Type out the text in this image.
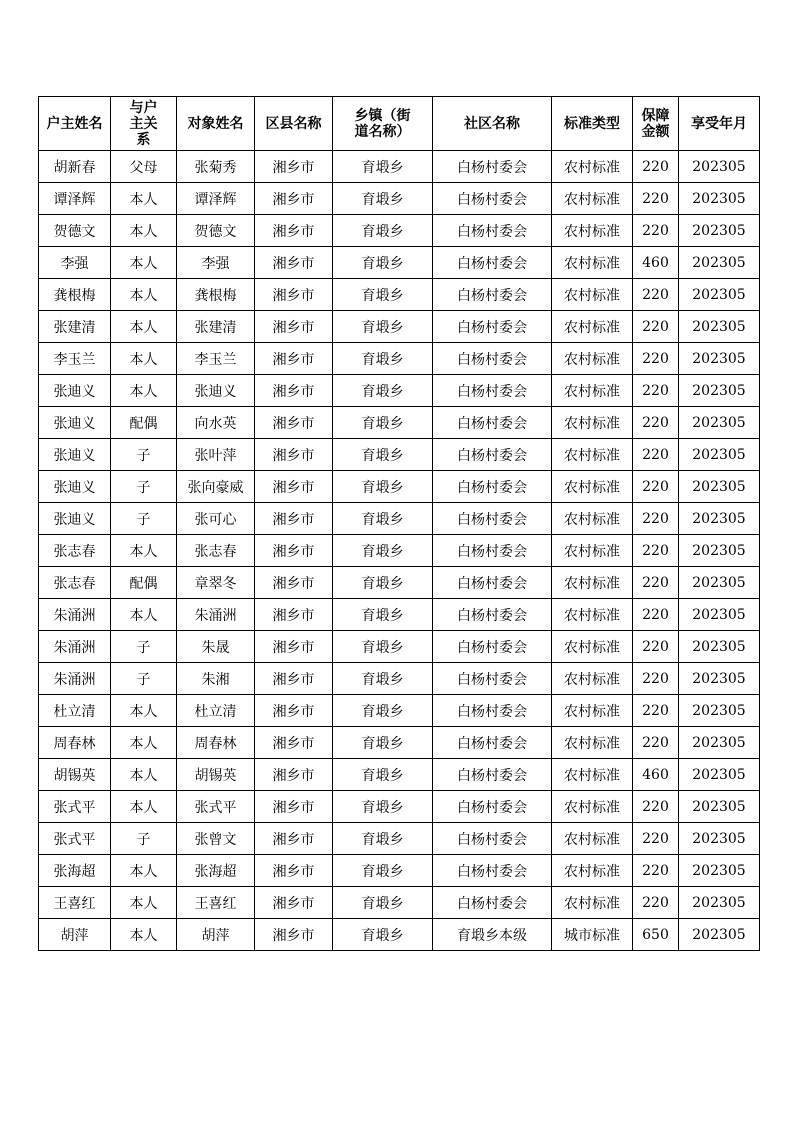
户主姓名	与户主关系	对象姓名	区县名称	乡镇（街道名称）	社区名称	标准类型	保障金额	享受年月
胡新春	父母	张菊秀	湘乡市	育塅乡	白杨村委会	农村标准	220	202305
谭泽辉	本人	谭泽辉	湘乡市	育塅乡	白杨村委会	农村标准	220	202305
贺德文	本人	贺德文	湘乡市	育塅乡	白杨村委会	农村标准	220	202305
李强	本人	李强	湘乡市	育塅乡	白杨村委会	农村标准	460	202305
龚根梅	本人	龚根梅	湘乡市	育塅乡	白杨村委会	农村标准	220	202305
张建清	本人	张建清	湘乡市	育塅乡	白杨村委会	农村标准	220	202305
李玉兰	本人	李玉兰	湘乡市	育塅乡	白杨村委会	农村标准	220	202305
张迪义	本人	张迪义	湘乡市	育塅乡	白杨村委会	农村标准	220	202305
张迪义	配偶	向水英	湘乡市	育塅乡	白杨村委会	农村标准	220	202305
张迪义	子	张叶萍	湘乡市	育塅乡	白杨村委会	农村标准	220	202305
张迪义	子	张向豪威	湘乡市	育塅乡	白杨村委会	农村标准	220	202305
张迪义	子	张可心	湘乡市	育塅乡	白杨村委会	农村标准	220	202305
张志春	本人	张志春	湘乡市	育塅乡	白杨村委会	农村标准	220	202305
张志春	配偶	章翠冬	湘乡市	育塅乡	白杨村委会	农村标准	220	202305
朱涌洲	本人	朱涌洲	湘乡市	育塅乡	白杨村委会	农村标准	220	202305
朱涌洲	子	朱晟	湘乡市	育塅乡	白杨村委会	农村标准	220	202305
朱涌洲	子	朱湘	湘乡市	育塅乡	白杨村委会	农村标准	220	202305
杜立清	本人	杜立清	湘乡市	育塅乡	白杨村委会	农村标准	220	202305
周春林	本人	周春林	湘乡市	育塅乡	白杨村委会	农村标准	220	202305
胡锡英	本人	胡锡英	湘乡市	育塅乡	白杨村委会	农村标准	460	202305
张式平	本人	张式平	湘乡市	育塅乡	白杨村委会	农村标准	220	202305
张式平	子	张曾文	湘乡市	育塅乡	白杨村委会	农村标准	220	202305
张海超	本人	张海超	湘乡市	育塅乡	白杨村委会	农村标准	220	202305
王喜红	本人	王喜红	湘乡市	育塅乡	白杨村委会	农村标准	220	202305
胡萍	本人	胡萍	湘乡市	育塅乡	育塅乡本级	城市标准	650	202305
